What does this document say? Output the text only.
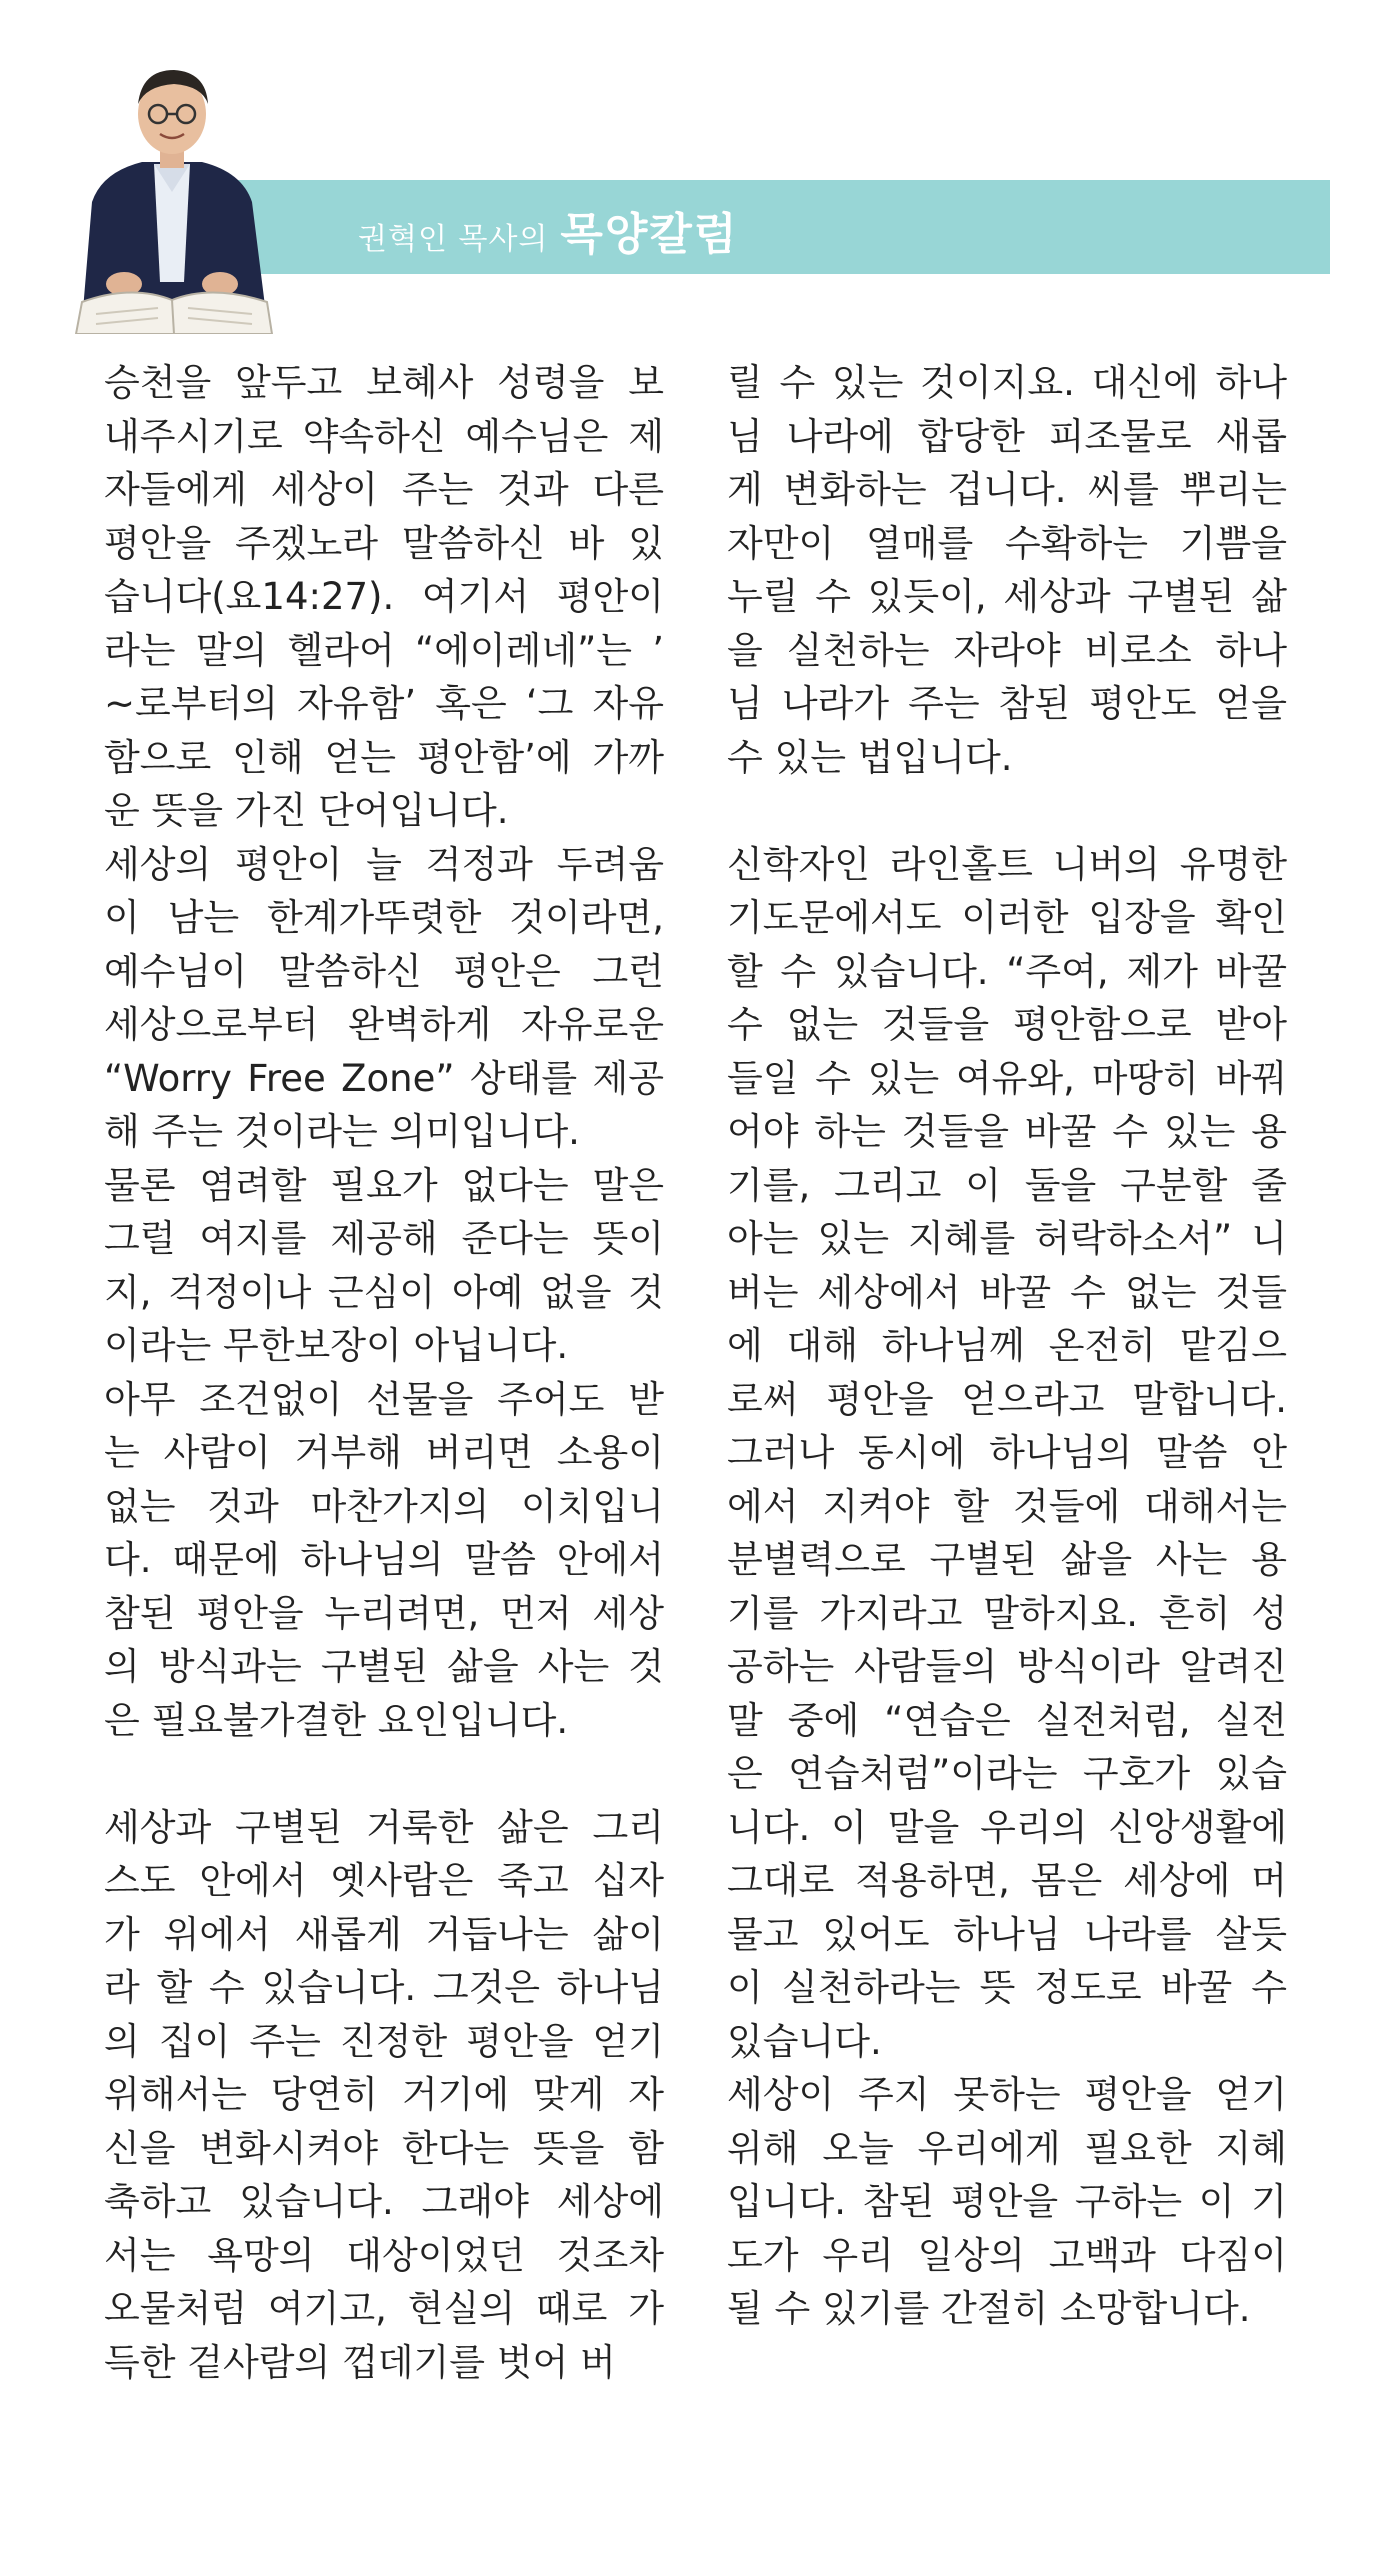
권혁인 목사의 목양칼럼
승천을 앞두고 보혜사 성령을 보
내주시기로 약속하신 예수님은 제
자들에게 세상이 주는 것과 다른
평안을 주겠노라 말씀하신 바 있
습니다(요14:27). 여기서 평안이
라는 말의 헬라어 “에이레네”는 ’
~로부터의 자유함’ 혹은 ‘그 자유
함으로 인해 얻는 평안함’에 가까
운 뜻을 가진 단어입니다.
세상의 평안이 늘 걱정과 두려움
이 남는 한계가뚜렷한 것이라면,
예수님이 말씀하신 평안은 그런
세상으로부터 완벽하게 자유로운
“Worry Free Zone” 상태를 제공
해 주는 것이라는 의미입니다.
물론 염려할 필요가 없다는 말은
그럴 여지를 제공해 준다는 뜻이
지, 걱정이나 근심이 아예 없을 것
이라는 무한보장이 아닙니다.
아무 조건없이 선물을 주어도 받
는 사람이 거부해 버리면 소용이
없는 것과 마찬가지의 이치입니
다. 때문에 하나님의 말씀 안에서
참된 평안을 누리려면, 먼저 세상
의 방식과는 구별된 삶을 사는 것
은 필요불가결한 요인입니다.
세상과 구별된 거룩한 삶은 그리
스도 안에서 옛사람은 죽고 십자
가 위에서 새롭게 거듭나는 삶이
라 할 수 있습니다. 그것은 하나님
의 집이 주는 진정한 평안을 얻기
위해서는 당연히 거기에 맞게 자
신을 변화시켜야 한다는 뜻을 함
축하고 있습니다. 그래야 세상에
서는 욕망의 대상이었던 것조차
오물처럼 여기고, 현실의 때로 가
득한 겉사람의 껍데기를 벗어 버
릴 수 있는 것이지요. 대신에 하나
님 나라에 합당한 피조물로 새롭
게 변화하는 겁니다. 씨를 뿌리는
자만이 열매를 수확하는 기쁨을
누릴 수 있듯이, 세상과 구별된 삶
을 실천하는 자라야 비로소 하나
님 나라가 주는 참된 평안도 얻을
수 있는 법입니다.
신학자인 라인홀트 니버의 유명한
기도문에서도 이러한 입장을 확인
할 수 있습니다. “주여, 제가 바꿀
수 없는 것들을 평안함으로 받아
들일 수 있는 여유와, 마땅히 바꿔
어야 하는 것들을 바꿀 수 있는 용
기를, 그리고 이 둘을 구분할 줄
아는 있는 지혜를 허락하소서” 니
버는 세상에서 바꿀 수 없는 것들
에 대해 하나님께 온전히 맡김으
로써 평안을 얻으라고 말합니다.
그러나 동시에 하나님의 말씀 안
에서 지켜야 할 것들에 대해서는
분별력으로 구별된 삶을 사는 용
기를 가지라고 말하지요. 흔히 성
공하는 사람들의 방식이라 알려진
말 중에 “연습은 실전처럼, 실전
은 연습처럼”이라는 구호가 있습
니다. 이 말을 우리의 신앙생활에
그대로 적용하면, 몸은 세상에 머
물고 있어도 하나님 나라를 살듯
이 실천하라는 뜻 정도로 바꿀 수
있습니다.
세상이 주지 못하는 평안을 얻기
위해 오늘 우리에게 필요한 지혜
입니다. 참된 평안을 구하는 이 기
도가 우리 일상의 고백과 다짐이
될 수 있기를 간절히 소망합니다.
